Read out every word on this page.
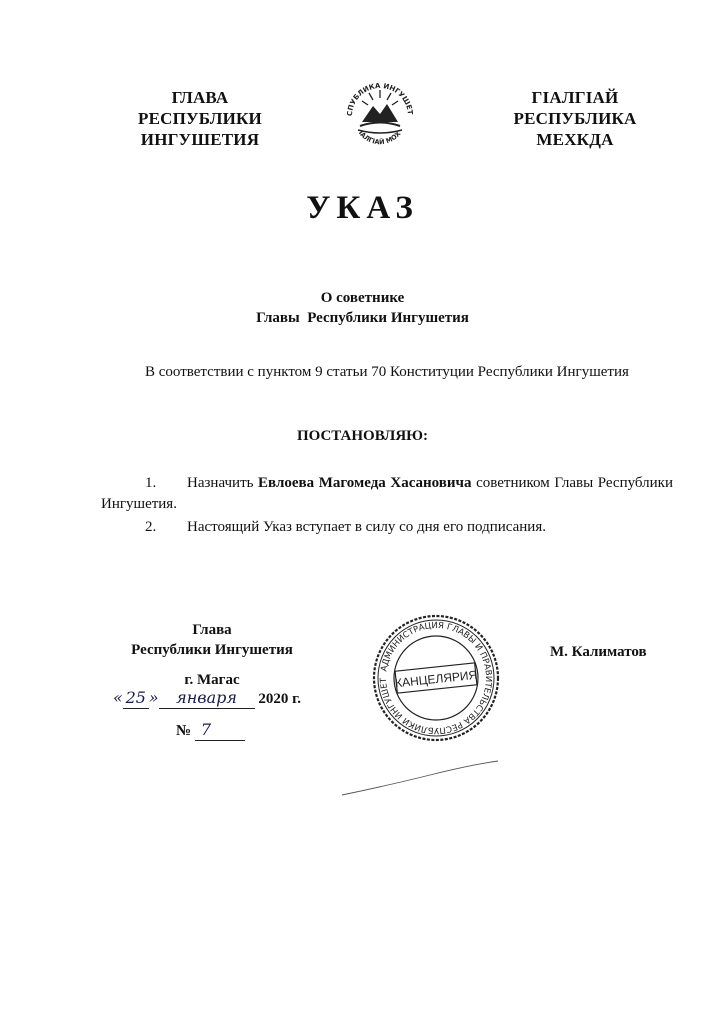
ГЛАВА
РЕСПУБЛИКИ
ИНГУШЕТИЯ
СПУБЛИКА ИНГУШЕТ
IАЛГIАЙ МОХ
ГIАЛГIАЙ
РЕСПУБЛИКА
МЕХКДА
УКАЗ
О советнике
Главы  Республики Ингушетия
В соответствии с пунктом 9 статьи 70 Конституции Республики Ингушетия
ПОСТАНОВЛЯЮ:
1. Назначить Евлоева Магомеда Хасановича советником Главы Республики Ингушетия.
2. Настоящий Указ вступает в силу со дня его подписания.
Глава
Республики Ингушетия	М. Калиматов
г. Магас
« 25 » января 2020 г.
№ 7
АДМИНИСТРАЦИЯ ГЛАВЫ И ПРАВИТЕЛЬСТВА РЕСПУБЛИКИ ИНГУШЕТ КАНЦЕЛЯРИЯ
